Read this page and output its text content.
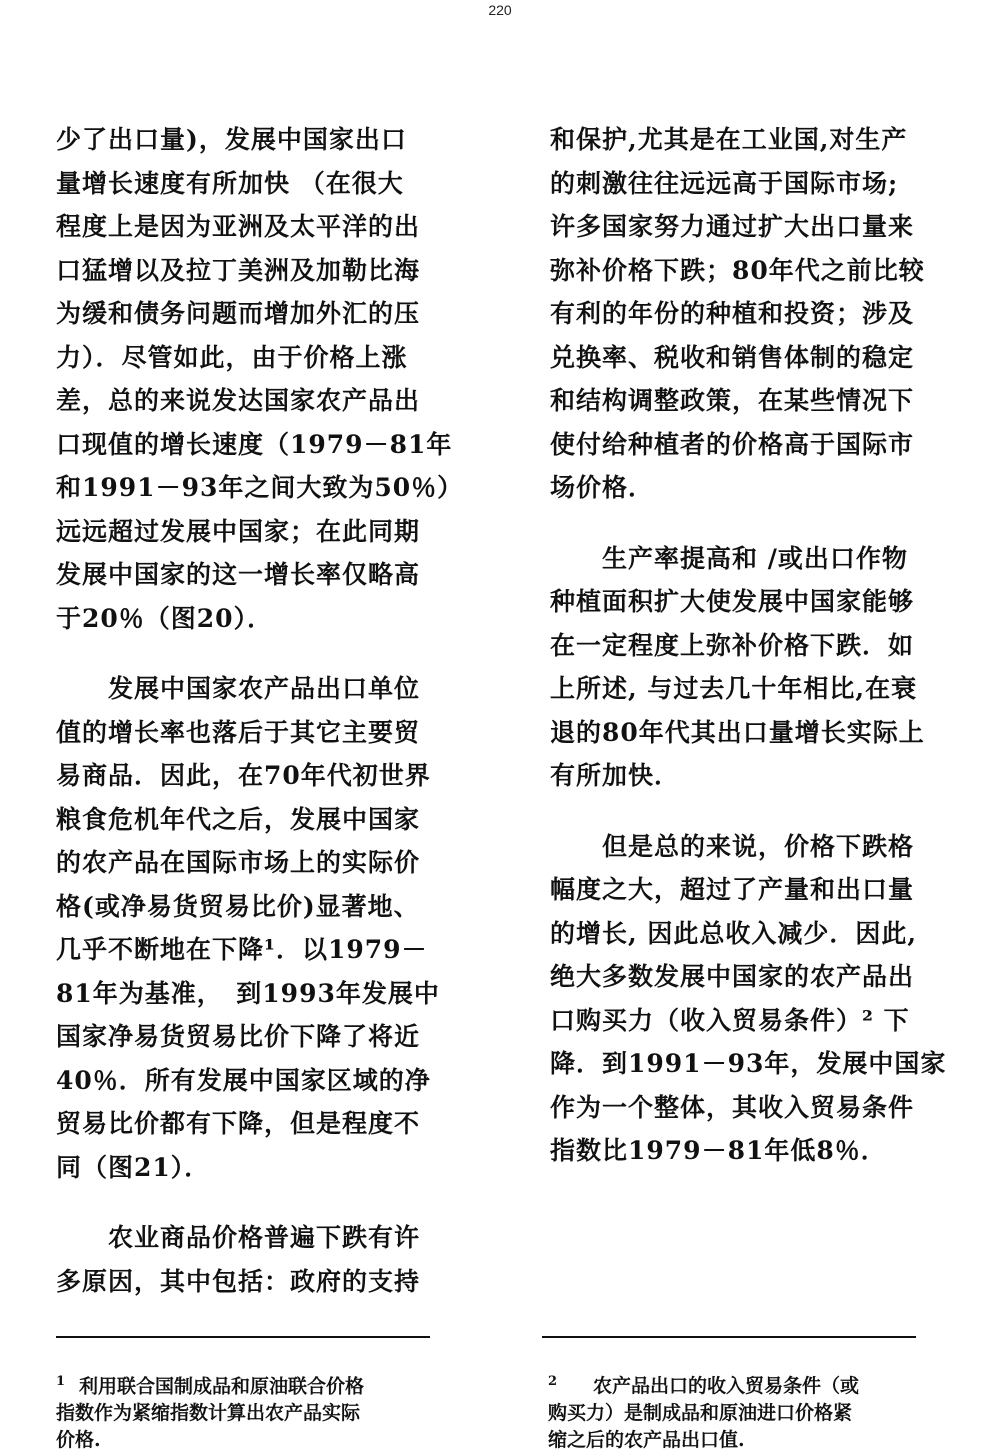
220
少了出口量)，发展中国家出口
量增长速度有所加快 （在很大
程度上是因为亚洲及太平洋的出
口猛增以及拉丁美洲及加勒比海
为缓和债务问题而增加外汇的压
力）．尽管如此，由于价格上涨
差，总的来说发达国家农产品出
口现值的增长速度（1979－81年
和1991－93年之间大致为50％）
远远超过发展中国家；在此同期
发展中国家的这一增长率仅略高
于20％（图20）．
发展中国家农产品出口单位
值的增长率也落后于其它主要贸
易商品．因此，在70年代初世界
粮食危机年代之后，发展中国家
的农产品在国际市场上的实际价
格(或净易货贸易比价)显著地、
几乎不断地在下降¹．以1979－
81年为基准，　到1993年发展中
国家净易货贸易比价下降了将近
40％．所有发展中国家区域的净
贸易比价都有下降，但是程度不
同（图21）．
农业商品价格普遍下跌有许
多原因，其中包括：政府的支持
和保护,尤其是在工业国,对生产
的刺激往往远远高于国际市场;
许多国家努力通过扩大出口量来
弥补价格下跌；80年代之前比较
有利的年份的种植和投资；涉及
兑换率、税收和销售体制的稳定
和结构调整政策，在某些情况下
使付给种植者的价格高于国际市
场价格．
生产率提高和 /或出口作物
种植面积扩大使发展中国家能够
在一定程度上弥补价格下跌．如
上所述, 与过去几十年相比,在衰
退的80年代其出口量增长实际上
有所加快．
但是总的来说，价格下跌格
幅度之大，超过了产量和出口量
的增长, 因此总收入减少．因此,
绝大多数发展中国家的农产品出
口购买力（收入贸易条件）² 下
降．到1991－93年，发展中国家
作为一个整体，其收入贸易条件
指数比1979－81年低8％．
$^1$ 利用联合国制成品和原油联合价格
指数作为紧缩指数计算出农产品实际
价格.
$^2$ 农产品出口的收入贸易条件（或
购买力）是制成品和原油进口价格紧
缩之后的农产品出口值.
